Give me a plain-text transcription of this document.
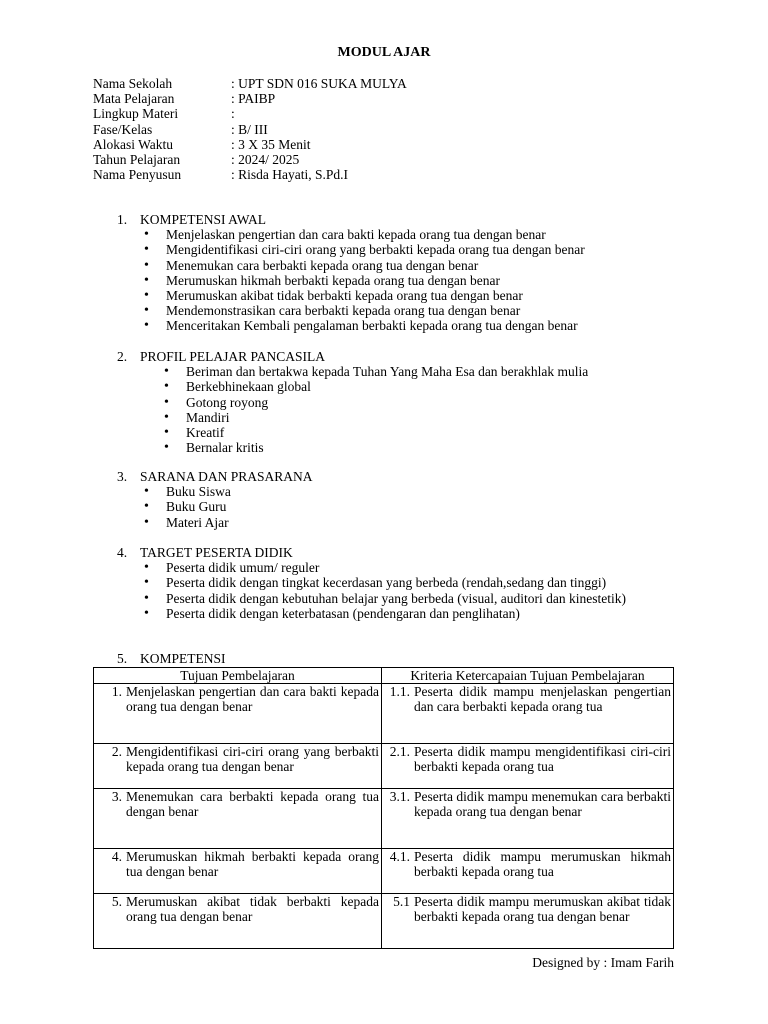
MODUL AJAR
Nama Sekolah	: UPT SDN 016 SUKA MULYA
Mata Pelajaran	: PAIBP
Lingkup Materi	:
Fase/Kelas	: B/ III
Alokasi Waktu	: 3 X 35 Menit
Tahun Pelajaran	: 2024/ 2025
Nama Penyusun	: Risda Hayati, S.Pd.I
1. KOMPETENSI AWAL
• Menjelaskan pengertian dan cara bakti kepada orang tua dengan benar
• Mengidentifikasi ciri-ciri orang yang berbakti kepada orang tua dengan benar
• Menemukan cara berbakti kepada orang tua dengan benar
• Merumuskan hikmah berbakti kepada orang tua dengan benar
• Merumuskan akibat tidak berbakti kepada orang tua dengan benar
• Mendemonstrasikan cara berbakti kepada orang tua dengan benar
• Menceritakan Kembali pengalaman berbakti kepada orang tua dengan benar
2. PROFIL PELAJAR PANCASILA
• Beriman dan bertakwa kepada Tuhan Yang Maha Esa dan berakhlak mulia
• Berkebhinekaan global
• Gotong royong
• Mandiri
• Kreatif
• Bernalar kritis
3. SARANA DAN PRASARANA
• Buku Siswa
• Buku Guru
• Materi Ajar
4. TARGET PESERTA DIDIK
• Peserta didik umum/ reguler
• Peserta didik dengan tingkat kecerdasan yang berbeda (rendah,sedang dan tinggi)
• Peserta didik dengan kebutuhan belajar yang berbeda (visual, auditori dan kinestetik)
• Peserta didik dengan keterbatasan (pendengaran dan penglihatan)
5. KOMPETENSI
Tujuan Pembelajaran	Kriteria Ketercapaian Tujuan Pembelajaran

1. Menjelaskan pengertian dan cara bakti kepada orang tua dengan benar	1.1. Peserta didik mampu menjelaskan pengertian dan cara berbakti kepada orang tua

2. Mengidentifikasi ciri-ciri orang yang berbakti kepada orang tua dengan benar	2.1. Peserta didik mampu mengidentifikasi ciri-ciri berbakti kepada orang tua

3. Menemukan cara berbakti kepada orang tua dengan benar	3.1. Peserta didik mampu menemukan cara berbakti kepada orang tua dengan benar

4. Merumuskan hikmah berbakti kepada orang tua dengan benar	4.1. Peserta didik mampu merumuskan hikmah berbakti kepada orang tua

5. Merumuskan akibat tidak berbakti kepada orang tua dengan benar	5.1 Peserta didik mampu merumuskan akibat tidak berbakti kepada orang tua dengan benar
Designed by : Imam Farih
